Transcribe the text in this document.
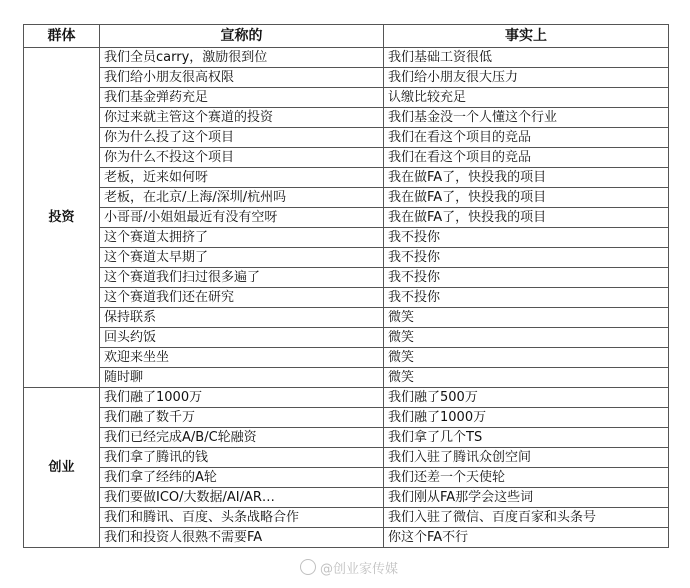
群体	宣称的	事实上
投资	我们全员carry，激励很到位	我们基础工资很低
	我们给小朋友很高权限	我们给小朋友很大压力
	我们基金弹药充足	认缴比较充足
	你过来就主管这个赛道的投资	我们基金没一个人懂这个行业
	你为什么投了这个项目	我们在看这个项目的竞品
	你为什么不投这个项目	我们在看这个项目的竞品
	老板，近来如何呀	我在做FA了，快投我的项目
	老板，在北京/上海/深圳/杭州吗	我在做FA了，快投我的项目
	小哥哥/小姐姐最近有没有空呀	我在做FA了，快投我的项目
	这个赛道太拥挤了	我不投你
	这个赛道太早期了	我不投你
	这个赛道我们扫过很多遍了	我不投你
	这个赛道我们还在研究	我不投你
	保持联系	微笑
	回头约饭	微笑
	欢迎来坐坐	微笑
	随时聊	微笑
创业	我们融了1000万	我们融了500万
	我们融了数千万	我们融了1000万
	我们已经完成A/B/C轮融资	我们拿了几个TS
	我们拿了腾讯的钱	我们入驻了腾讯众创空间
	我们拿了经纬的A轮	我们还差一个天使轮
	我们要做ICO/大数据/AI/AR…	我们刚从FA那学会这些词
	我们和腾讯、百度、头条战略合作	我们入驻了微信、百度百家和头条号
	我们和投资人很熟不需要FA	你这个FA不行
@创业家传媒
